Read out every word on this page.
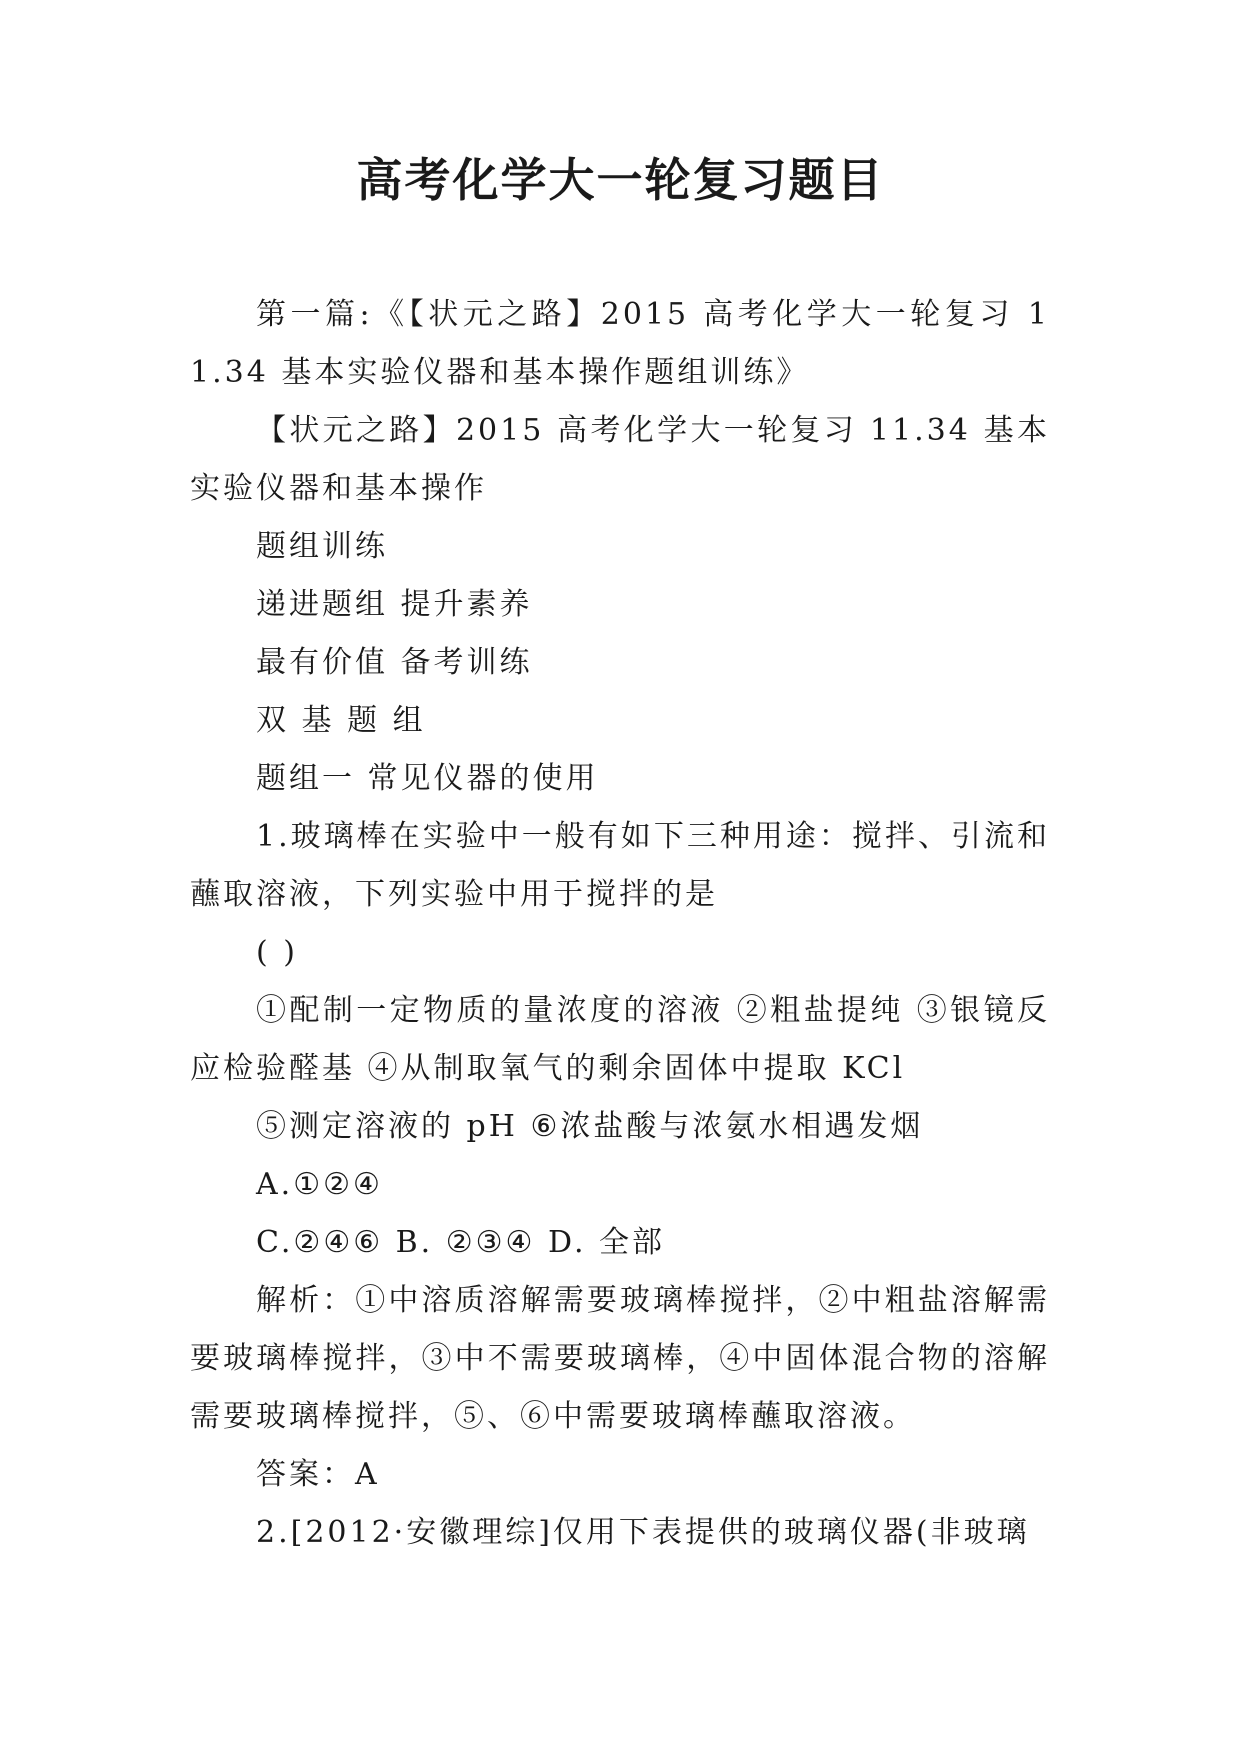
高考化学大一轮复习题目

第一篇:《【状元之路】2015 高考化学大一轮复习 11.34 基本实验仪器和基本操作题组训练》

【状元之路】2015 高考化学大一轮复习 11.34 基本实验仪器和基本操作

题组训练

递进题组 提升素养

最有价值 备考训练

双 基 题 组

题组一 常见仪器的使用

1.玻璃棒在实验中一般有如下三种用途：搅拌、引流和蘸取溶液，下列实验中用于搅拌的是

( )

①配制一定物质的量浓度的溶液 ②粗盐提纯 ③银镜反应检验醛基 ④从制取氧气的剩余固体中提取 KCl

⑤测定溶液的 pH ⑥浓盐酸与浓氨水相遇发烟

A.①②④

C.②④⑥ B. ②③④ D. 全部

解析：①中溶质溶解需要玻璃棒搅拌，②中粗盐溶解需要玻璃棒搅拌，③中不需要玻璃棒，④中固体混合物的溶解需要玻璃棒搅拌，⑤、⑥中需要玻璃棒蘸取溶液。

答案：A

2.[2012·安徽理综]仅用下表提供的玻璃仪器(非玻璃
